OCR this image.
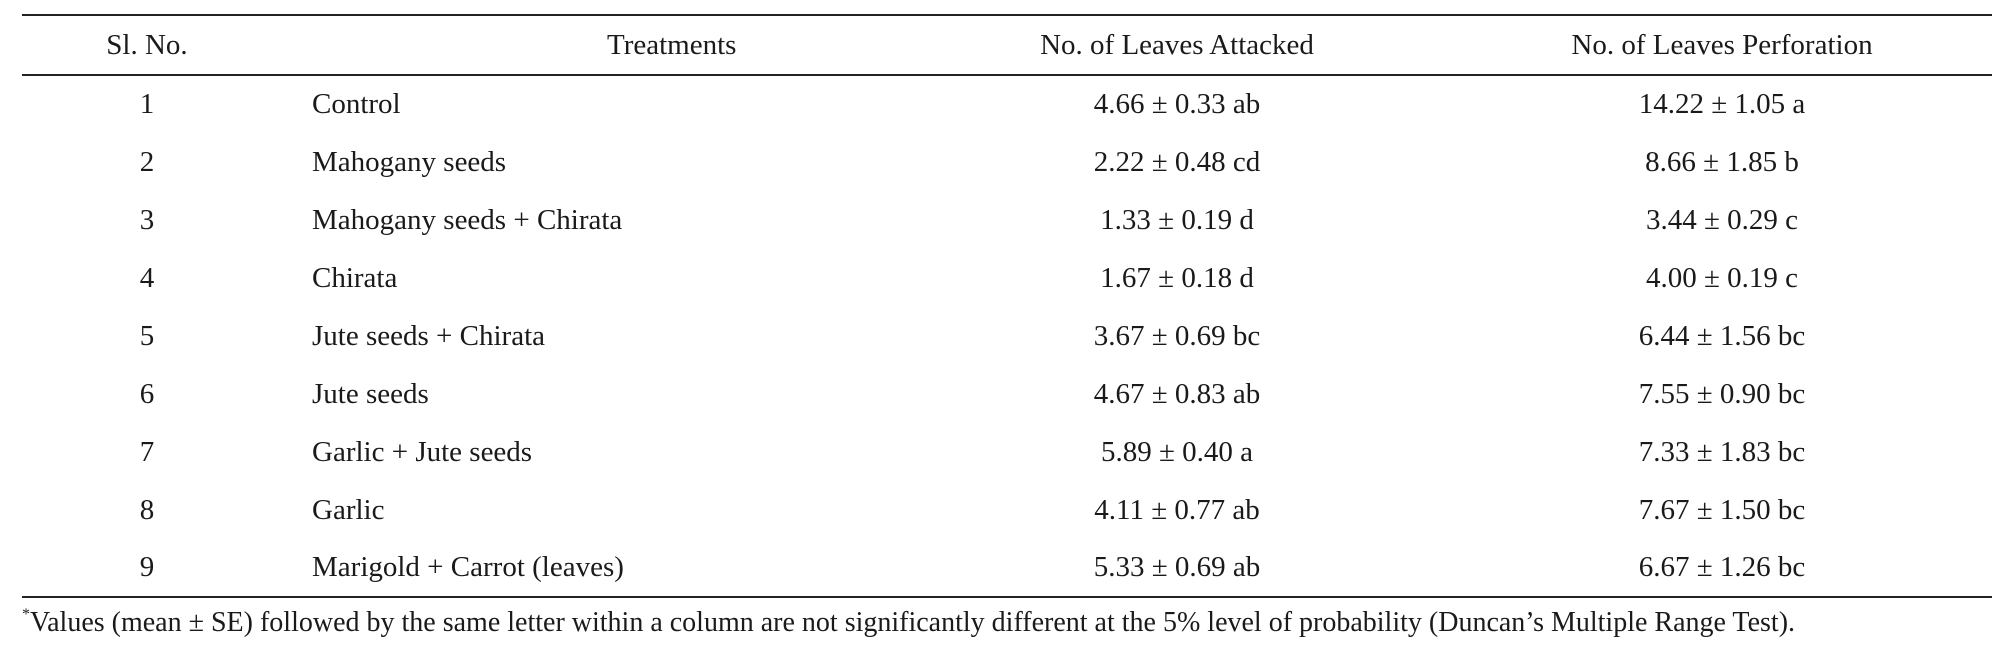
Sl. No.	Treatments	No. of Leaves Attacked	No. of Leaves Perforation
1	Control	4.66 ± 0.33 ab	14.22 ± 1.05 a
2	Mahogany seeds	2.22 ± 0.48 cd	8.66 ± 1.85 b
3	Mahogany seeds + Chirata	1.33 ± 0.19 d	3.44 ± 0.29 c
4	Chirata	1.67 ± 0.18 d	4.00 ± 0.19 c
5	Jute seeds + Chirata	3.67 ± 0.69 bc	6.44 ± 1.56 bc
6	Jute seeds	4.67 ± 0.83 ab	7.55 ± 0.90 bc
7	Garlic + Jute seeds	5.89 ± 0.40 a	7.33 ± 1.83 bc
8	Garlic	4.11 ± 0.77 ab	7.67 ± 1.50 bc
9	Marigold + Carrot (leaves)	5.33 ± 0.69 ab	6.67 ± 1.26 bc
*Values (mean ± SE) followed by the same letter within a column are not significantly different at the 5% level of probability (Duncan’s Multiple Range Test).
